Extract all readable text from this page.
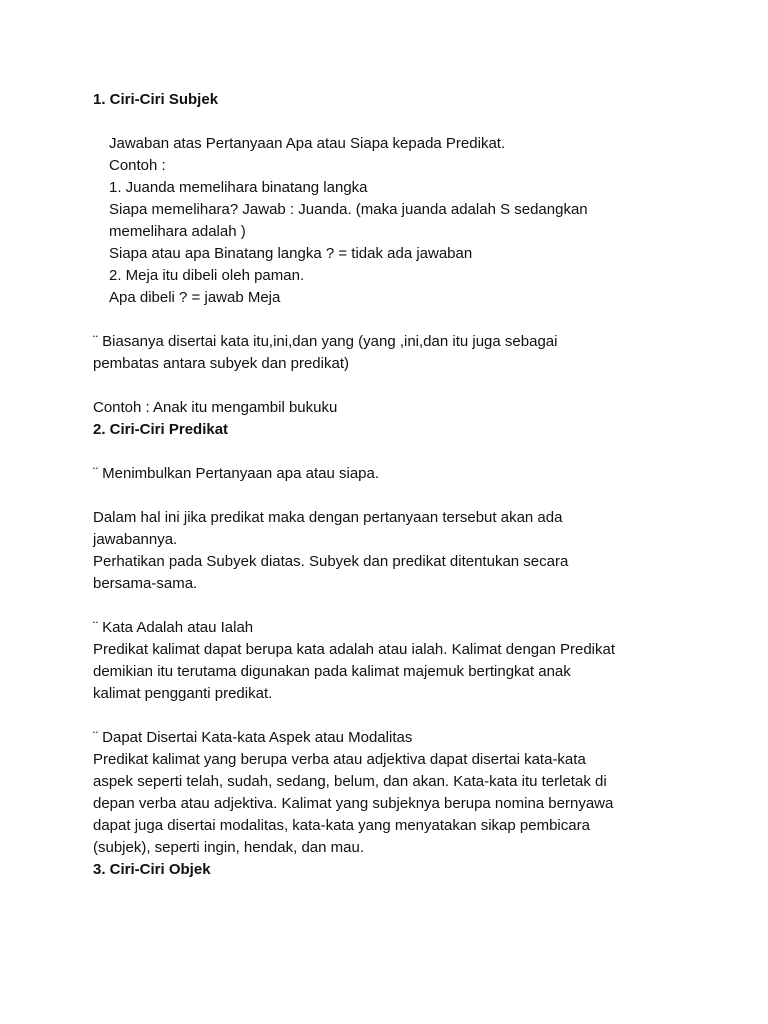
1. Ciri-Ciri Subjek
Jawaban atas Pertanyaan Apa atau Siapa kepada Predikat.
Contoh :
1. Juanda memelihara binatang langka
Siapa memelihara? Jawab : Juanda. (maka juanda adalah S sedangkan
memelihara adalah )
Siapa atau apa Binatang langka ? = tidak ada jawaban
2. Meja itu dibeli oleh paman.
Apa dibeli ? = jawab Meja
¨ Biasanya disertai kata itu,ini,dan yang (yang ,ini,dan itu juga sebagai
pembatas antara subyek dan predikat)
Contoh : Anak itu mengambil bukuku
2. Ciri-Ciri Predikat
¨ Menimbulkan Pertanyaan apa atau siapa.
Dalam hal ini jika predikat maka dengan pertanyaan tersebut akan ada
jawabannya.
Perhatikan pada Subyek diatas. Subyek dan predikat ditentukan secara
bersama-sama.
¨ Kata Adalah atau Ialah
Predikat kalimat dapat berupa kata adalah atau ialah. Kalimat dengan Predikat
demikian itu terutama digunakan pada kalimat majemuk bertingkat anak
kalimat pengganti predikat.
¨ Dapat Disertai Kata-kata Aspek atau Modalitas
Predikat kalimat yang berupa verba atau adjektiva dapat disertai kata-kata
aspek seperti telah, sudah, sedang, belum, dan akan. Kata-kata itu terletak di
depan verba atau adjektiva. Kalimat yang subjeknya berupa nomina bernyawa
dapat juga disertai modalitas, kata-kata yang menyatakan sikap pembicara
(subjek), seperti ingin, hendak, dan mau.
3. Ciri-Ciri Objek
